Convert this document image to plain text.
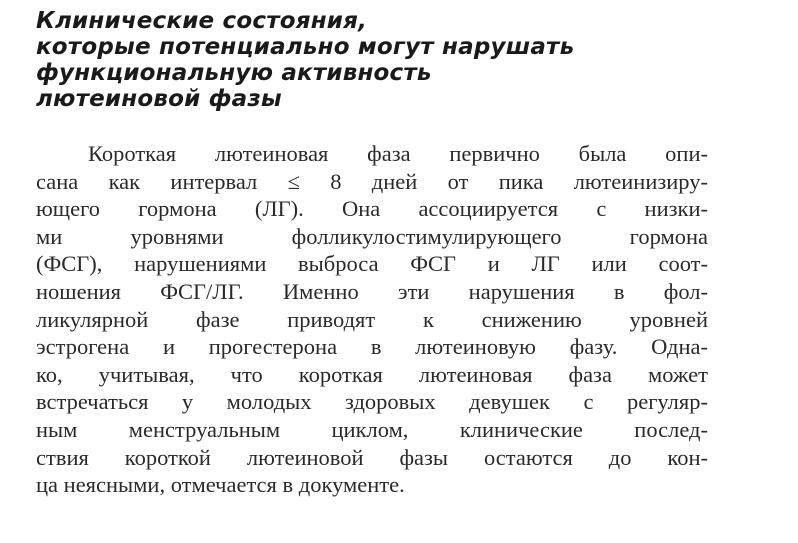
Клинические состояния,
которые потенциально могут нарушать
функциональную активность
лютеиновой фазы

Короткая лютеиновая фаза первично была опи-
сана как интервал ≤ 8 дней от пика лютеинизиру-
ющего гормона (ЛГ). Она ассоциируется с низки-
ми уровнями фолликулостимулирующего гормона
(ФСГ), нарушениями выброса ФСГ и ЛГ или соот-
ношения ФСГ/ЛГ. Именно эти нарушения в фол-
ликулярной фазе приводят к снижению уровней
эстрогена и прогестерона в лютеиновую фазу. Однa-
ко, учитывая, что короткая лютеиновая фаза может
встречаться у молодых здоровых девушек с регуляр-
ным менструальным циклом, клинические послед-
ствия короткой лютеиновой фазы остаются до кон-
ца неясными, отмечается в документе.
